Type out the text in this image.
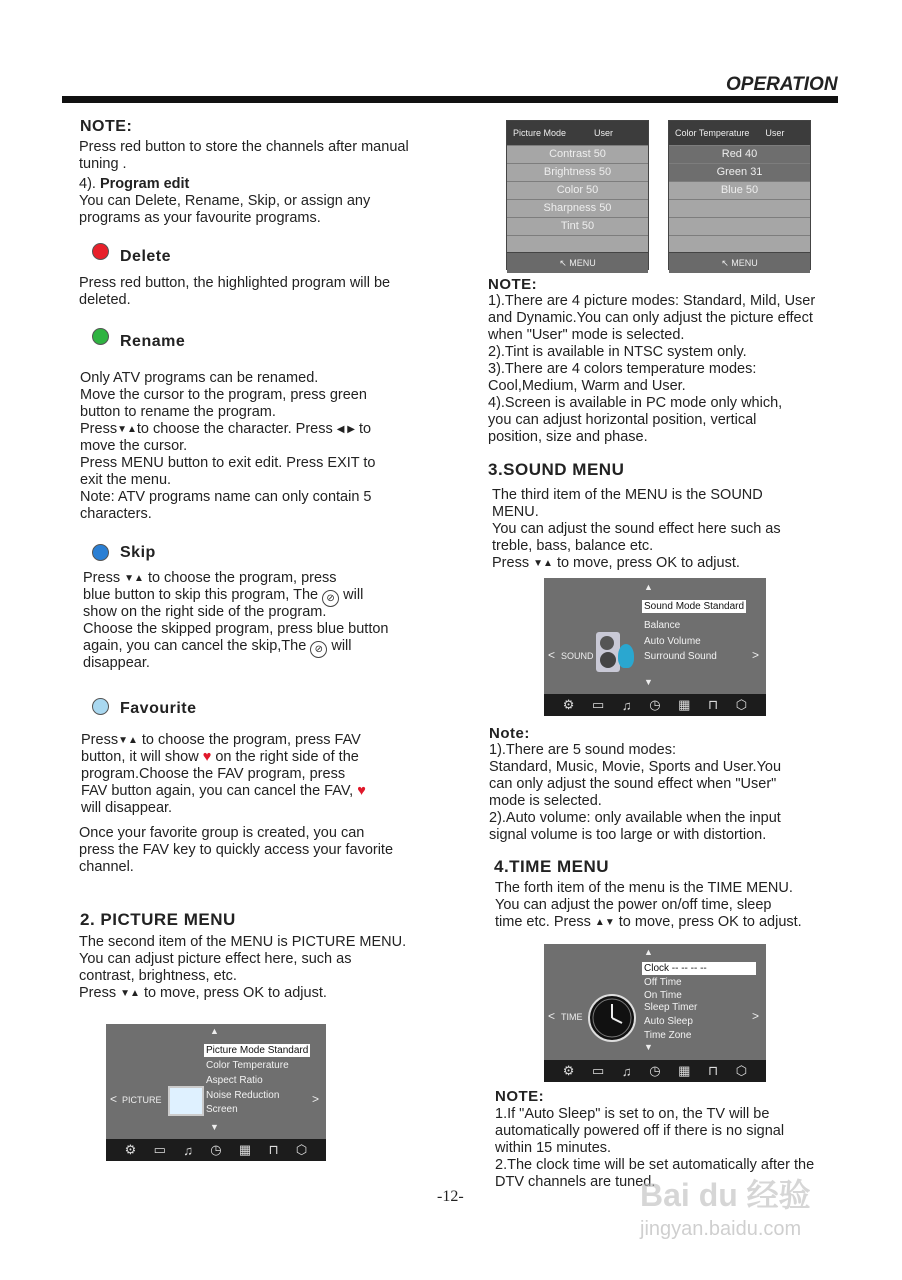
OPERATION
NOTE:

Press red button to store the channels after manual
tuning .

4). Program edit

You can Delete, Rename, Skip, or assign any
programs as your favourite programs.

Delete

Press red button, the highlighted program will be
deleted.

Rename
Only ATV programs can be renamed.
Move the cursor to the program, press green
button to rename the program.
Press▼▲to choose the character. Press ◀ ▶ to
move the cursor.

Press MENU button to exit edit. Press EXIT to
exit the menu.
Note: ATV programs name can only contain 5
characters.

Skip
Press ▼▲ to choose the program, press
blue button to skip this program, The ⊘ will

show on the right side of the program.
Choose the skipped program, press blue button

again, you can cancel the skip,The ⊘ will
disappear.
Favourite
Press▼▲ to choose the program, press FAV
button, it will show ♥ on the right side of the
program.Choose the FAV program, press
FAV button again, you can cancel the FAV, ♥
will disappear.

Once your favorite group is created, you can
press the FAV key to quickly access your favorite
channel.

2. PICTURE MENU

The second item of the MENU is PICTURE MENU.
You can adjust picture effect here, such as
contrast, brightness, etc.

Press ▼▲ to move, press OK to adjust.
▲
Picture Mode Standard
Color Temperature
Aspect Ratio
Noise Reduction
Screen
▼
< PICTURE	>
⚙ ▭ ♫ ◷ ▦ ⊓ ⬡
Picture Mode	User
Contrast 50
Brightness 50
Color 50
Sharpness 50
Tint 50
↖ MENU
Color Temperature User
Red 40
Green 31
Blue 50
↖ MENU
NOTE:

1).There are 4 picture modes: Standard, Mild, User
and Dynamic.You can only adjust the picture effect
when "User" mode is selected.
2).Tint is available in NTSC system only.
3).There are 4 colors temperature modes:
Cool,Medium, Warm and User.
4).Screen is available in PC mode only which,
you can adjust horizontal position, vertical
position, size and phase.

3.SOUND MENU

The third item of the MENU is the SOUND
MENU.
You can adjust the sound effect here such as
treble, bass, balance etc.

Press ▼▲ to move, press OK to adjust.
▲
Sound Mode Standard
Balance
Auto Volume
Surround Sound
▼
< SOUND	>
⚙ ▭ ♫ ◷ ▦ ⊓ ⬡
Note:

1).There are 5 sound modes:
Standard, Music, Movie, Sports and User.You
can only adjust the sound effect when "User"
mode is selected.
2).Auto volume: only available when the input
signal volume is too large or with distortion.

4.TIME MENU

The forth item of the menu is the TIME MENU.
You can adjust the power on/off time, sleep

time etc. Press ▲▼ to move, press OK to adjust.
▲
Clock -- -- -- --
Off Time
On Time
Sleep Timer
Auto Sleep
Time Zone
▼
< TIME	>
⚙ ▭ ♫ ◷ ▦ ⊓ ⬡
NOTE:

1.If "Auto Sleep" is set to on, the TV will be
automatically powered off if there is no signal
within 15 minutes.
2.The clock time will be set automatically after the
DTV channels are tuned.

-12-	Bai du 经验
jingyan.baidu.com
